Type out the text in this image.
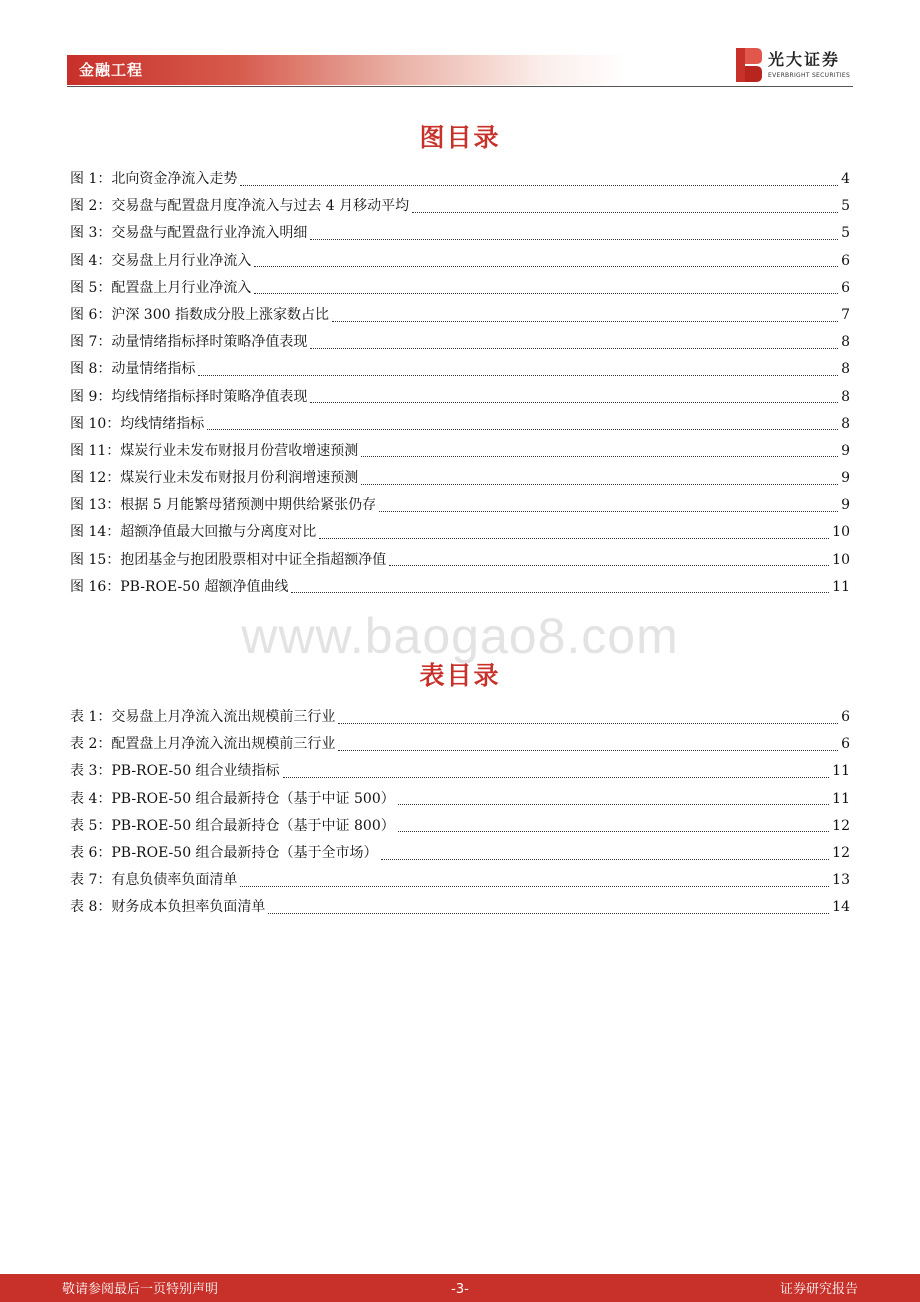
金融工程
光大证券
EVERBRIGHT SECURITIES
图目录
图 1：北向资金净流入走势	4
图 2：交易盘与配置盘月度净流入与过去 4 月移动平均	5
图 3：交易盘与配置盘行业净流入明细	5
图 4：交易盘上月行业净流入	6
图 5：配置盘上月行业净流入	6
图 6：沪深 300 指数成分股上涨家数占比	7
图 7：动量情绪指标择时策略净值表现	8
图 8：动量情绪指标	8
图 9：均线情绪指标择时策略净值表现	8
图 10：均线情绪指标	8
图 11：煤炭行业未发布财报月份营收增速预测	9
图 12：煤炭行业未发布财报月份利润增速预测	9
图 13：根据 5 月能繁母猪预测中期供给紧张仍存	9
图 14：超额净值最大回撤与分离度对比	10
图 15：抱团基金与抱团股票相对中证全指超额净值	10
图 16：PB-ROE-50 超额净值曲线	11
www.baogao8.com
表目录
表 1：交易盘上月净流入流出规模前三行业	6
表 2：配置盘上月净流入流出规模前三行业	6
表 3：PB-ROE-50 组合业绩指标	11
表 4：PB-ROE-50 组合最新持仓（基于中证 500）	11
表 5：PB-ROE-50 组合最新持仓（基于中证 800）	12
表 6：PB-ROE-50 组合最新持仓（基于全市场）	12
表 7：有息负债率负面清单	13
表 8：财务成本负担率负面清单	14
敬请参阅最后一页特别声明	-3-	证券研究报告
